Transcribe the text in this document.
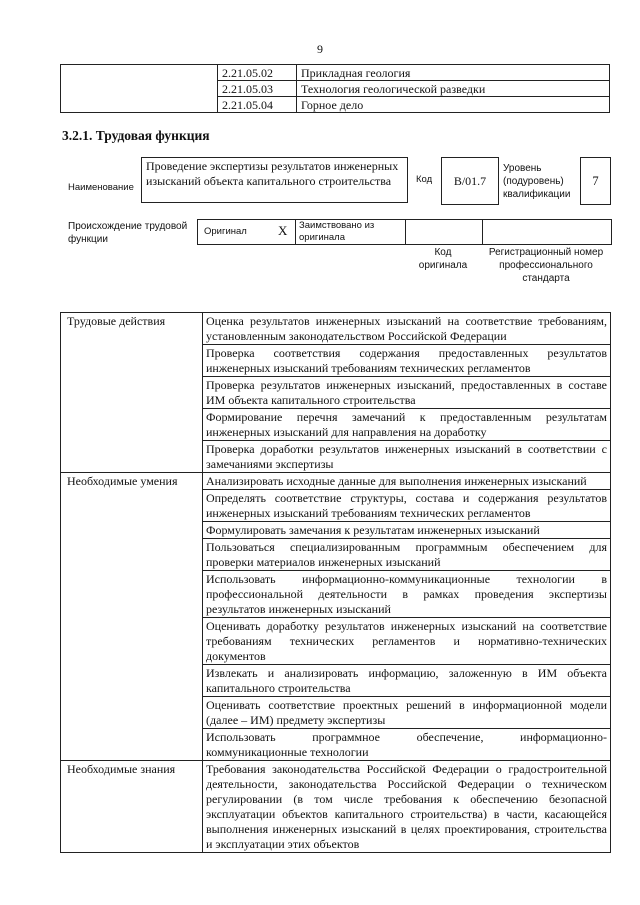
9
	2.21.05.02	Прикладная геология
	2.21.05.03	Технология геологической разведки
	2.21.05.04	Горное дело
3.2.1. Трудовая функция
Наименование
Проведение экспертизы результатов инженерных изысканий объекта капитального строительства	Код B/01.7
Уровень (подуровень) квалификации
7
Происхождение трудовой функции
Оригинал X Заимствовано из оригинала
Код оригинала
Регистрационный номер профессионального стандарта
Трудовые действия	Оценка результатов инженерных изысканий на соответствие требованиям, установленным законодательством Российской Федерации
	Проверка соответствия содержания предоставленных результатов инженерных изысканий требованиям технических регламентов
	Проверка результатов инженерных изысканий, предоставленных в составе ИМ объекта капитального строительства
	Формирование перечня замечаний к предоставленным результатам инженерных изысканий для направления на доработку
	Проверка доработки результатов инженерных изысканий в соответствии с замечаниями экспертизы
Необходимые умения	Анализировать исходные данные для выполнения инженерных изысканий
	Определять соответствие структуры, состава и содержания результатов инженерных изысканий требованиям технических регламентов
	Формулировать замечания к результатам инженерных изысканий
	Пользоваться специализированным программным обеспечением для проверки материалов инженерных изысканий
	Использовать информационно-коммуникационные технологии в профессиональной деятельности в рамках проведения экспертизы результатов инженерных изысканий
	Оценивать доработку результатов инженерных изысканий на соответствие требованиям технических регламентов и нормативно-технических документов
	Извлекать и анализировать информацию, заложенную в ИМ объекта капитального строительства
	Оценивать соответствие проектных решений в информационной модели (далее – ИМ) предмету экспертизы
	Использовать программное обеспечение, информационно-коммуникационные технологии
Необходимые знания	Требования законодательства Российской Федерации о градостроительной деятельности, законодательства Российской Федерации о техническом регулировании (в том числе требования к обеспечению безопасной эксплуатации объектов капитального строительства) в части, касающейся выполнения инженерных изысканий в целях проектирования, строительства и эксплуатации этих объектов
